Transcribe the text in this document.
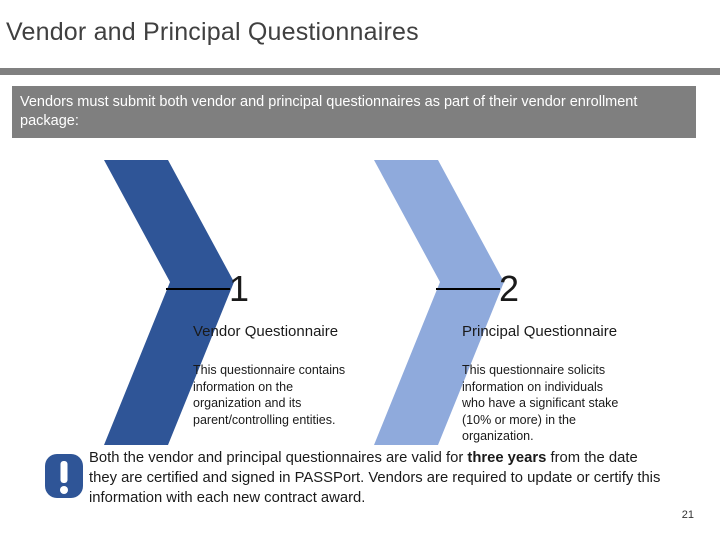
Vendor and Principal Questionnaires
Vendors must submit both vendor and principal questionnaires as part of their vendor enrollment package:
1	2
Vendor Questionnaire	Principal Questionnaire
This questionnaire contains information on the organization and its parent/controlling entities.
This questionnaire solicits information on individuals who have a significant stake (10% or more) in the organization.
Both the vendor and principal questionnaires are valid for three years from the date they are certified and signed in PASSPort. Vendors are required to update or certify this information with each new contract award.
21
